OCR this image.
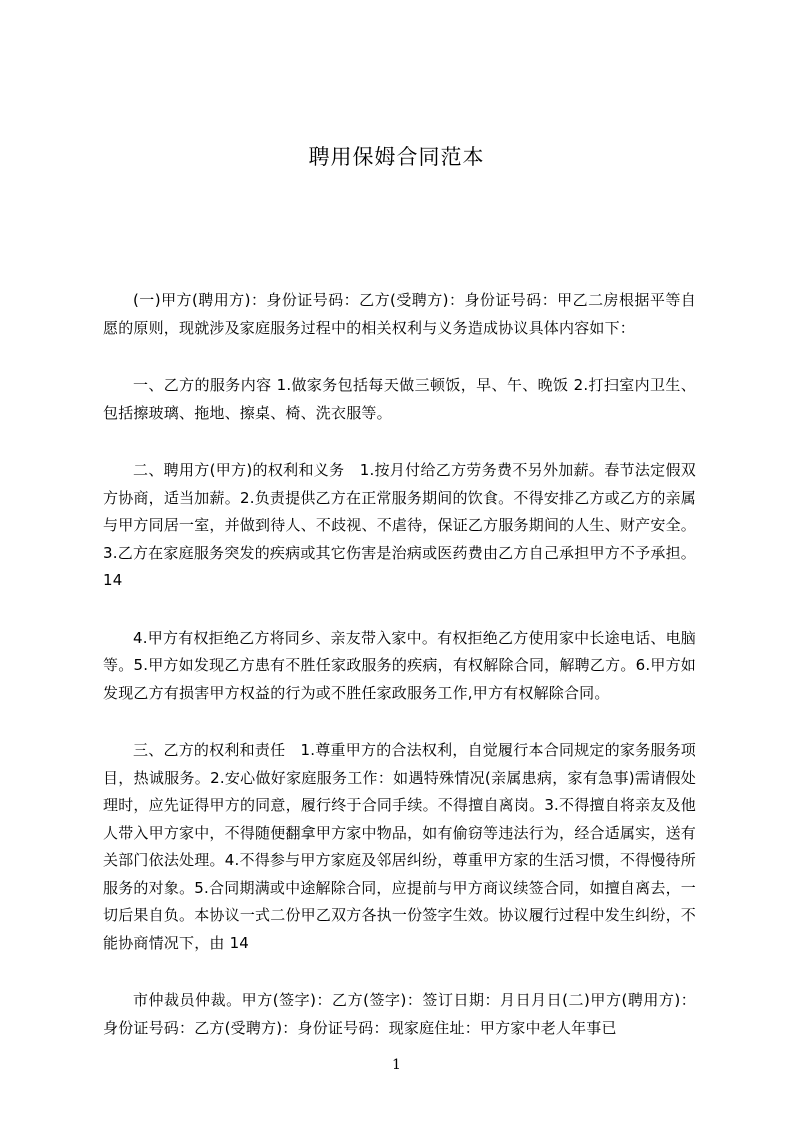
聘用保姆合同范本

(一)甲方(聘用方)：身份证号码：乙方(受聘方)：身份证号码：甲乙二房根据平等自愿的原则，现就涉及家庭服务过程中的相关权利与义务造成协议具体内容如下：

一、乙方的服务内容 1.做家务包括每天做三顿饭，早、午、晚饭 2.打扫室内卫生、包括擦玻璃、拖地、擦桌、椅、洗衣服等。

二、聘用方(甲方)的权利和义务　1.按月付给乙方劳务费不另外加薪。春节法定假双方协商，适当加薪。2.负责提供乙方在正常服务期间的饮食。不得安排乙方或乙方的亲属与甲方同居一室，并做到待人、不歧视、不虐待，保证乙方服务期间的人生、财产安全。3.乙方在家庭服务突发的疾病或其它伤害是治病或医药费由乙方自己承担甲方不予承担。14

4.甲方有权拒绝乙方将同乡、亲友带入家中。有权拒绝乙方使用家中长途电话、电脑等。5.甲方如发现乙方患有不胜任家政服务的疾病，有权解除合同，解聘乙方。6.甲方如发现乙方有损害甲方权益的行为或不胜任家政服务工作,甲方有权解除合同。

三、乙方的权利和责任　1.尊重甲方的合法权利，自觉履行本合同规定的家务服务项目，热诚服务。2.安心做好家庭服务工作：如遇特殊情况(亲属患病，家有急事)需请假处理时，应先证得甲方的同意，履行终于合同手续。不得擅自离岗。3.不得擅自将亲友及他人带入甲方家中，不得随便翻拿甲方家中物品，如有偷窃等违法行为，经合适属实，送有关部门依法处理。4.不得参与甲方家庭及邻居纠纷，尊重甲方家的生活习惯，不得慢待所服务的对象。5.合同期满或中途解除合同，应提前与甲方商议续签合同，如擅自离去，一切后果自负。本协议一式二份甲乙双方各执一份签字生效。协议履行过程中发生纠纷，不能协商情况下，由 14

市仲裁员仲裁。甲方(签字)：乙方(签字)：签订日期：月日月日(二)甲方(聘用方)：身份证号码：乙方(受聘方)：身份证号码：现家庭住址：甲方家中老人年事已

1
